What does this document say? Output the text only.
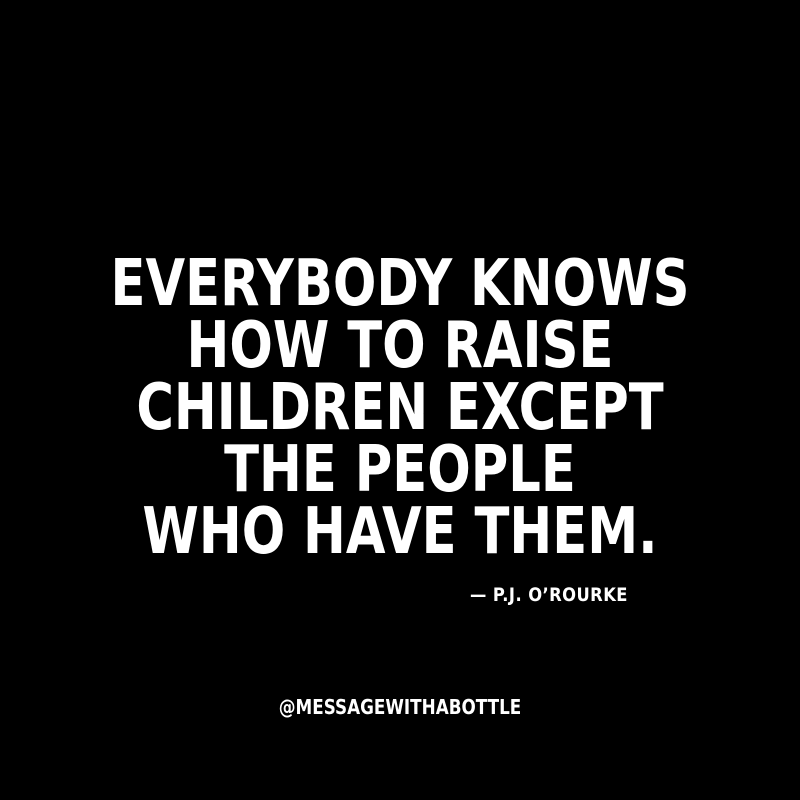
EVERYBODY KNOWS
HOW TO RAISE
CHILDREN EXCEPT
THE PEOPLE
WHO HAVE THEM.
— P.J. O’ROURKE
@MESSAGEWITHABOTTLE
